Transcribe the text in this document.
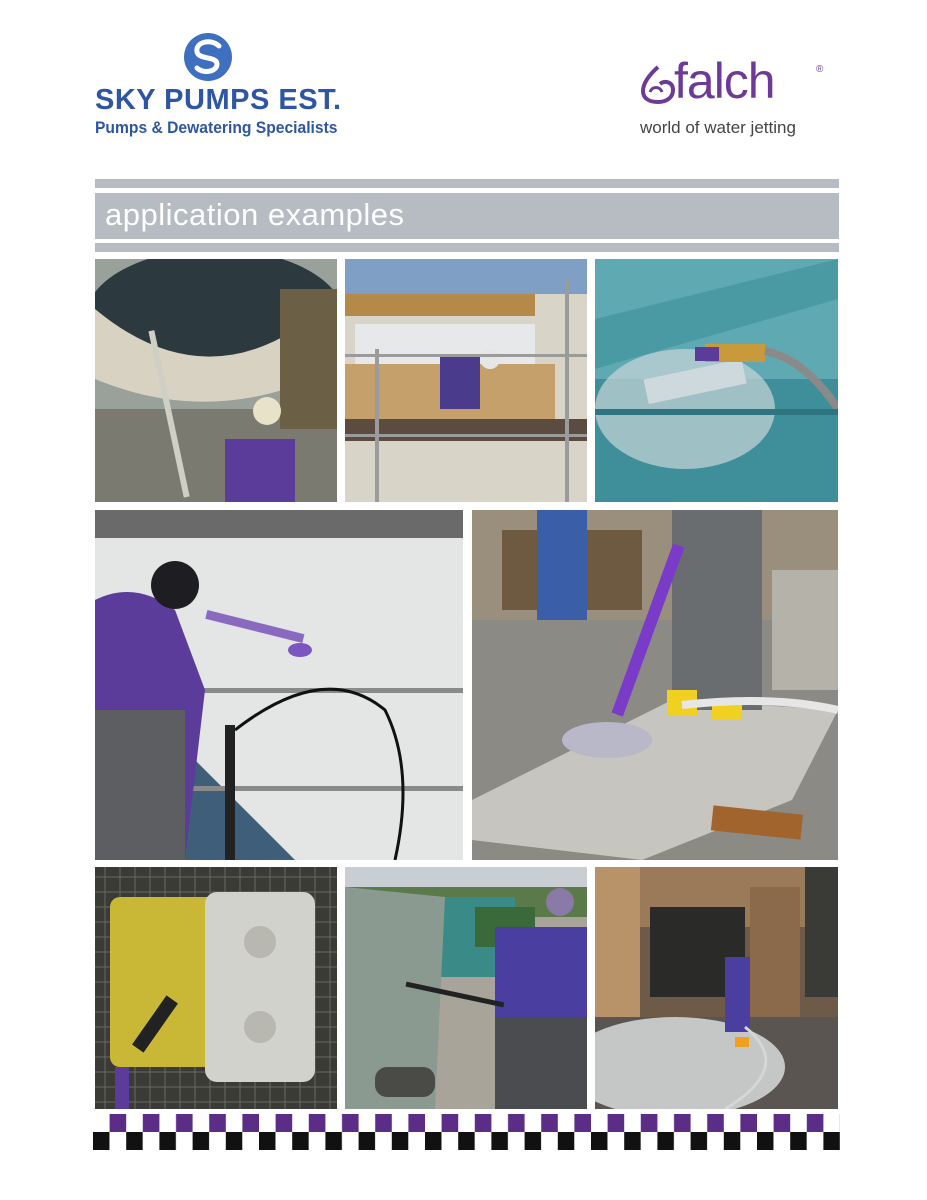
SKY PUMPS EST.
Pumps & Dewatering Specialists
falch	®
world of water jetting
application examples
